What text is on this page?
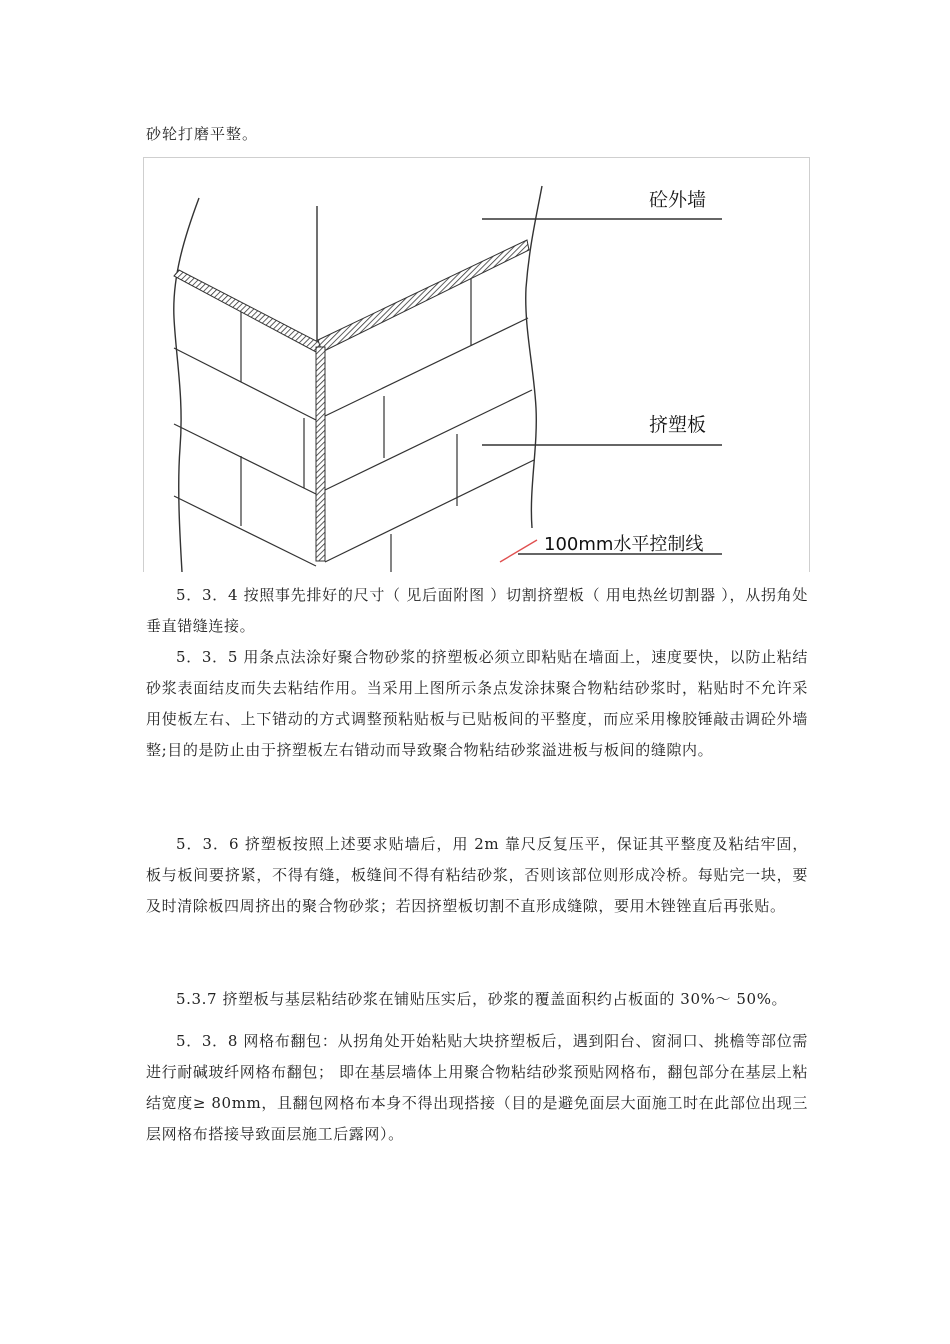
砂轮打磨平整。
砼外墙
挤塑板
100mm水平控制线
5．3．4 按照事先排好的尺寸（ 见后面附图 ）切割挤塑板（ 用电热丝切割器 ），从拐角处垂直错缝连接。
5．3．5 用条点法涂好聚合物砂浆的挤塑板必须立即粘贴在墙面上，速度要快，以防止粘结砂浆表面结皮而失去粘结作用。当采用上图所示条点发涂抹聚合物粘结砂浆时，粘贴时不允许采用使板左右、上下错动的方式调整预粘贴板与已贴板间的平整度，而应采用橡胶锤敲击调砼外墙整;目的是防止由于挤塑板左右错动而导致聚合物粘结砂浆溢进板与板间的缝隙内。
5．3．6 挤塑板按照上述要求贴墙后，用 2m 靠尺反复压平，保证其平整度及粘结牢固，板与板间要挤紧，不得有缝，板缝间不得有粘结砂浆，否则该部位则形成冷桥。每贴完一块，要及时清除板四周挤出的聚合物砂浆；若因挤塑板切割不直形成缝隙，要用木锉锉直后再张贴。
5.3.7 挤塑板与基层粘结砂浆在铺贴压实后，砂浆的覆盖面积约占板面的 30%～ 50%。
5．3．8 网格布翻包：从拐角处开始粘贴大块挤塑板后，遇到阳台、窗洞口、挑檐等部位需进行耐碱玻纤网格布翻包； 即在基层墙体上用聚合物粘结砂浆预贴网格布，翻包部分在基层上粘结宽度≥ 80mm，且翻包网格布本身不得出现搭接（目的是避免面层大面施工时在此部位出现三层网格布搭接导致面层施工后露网）。
